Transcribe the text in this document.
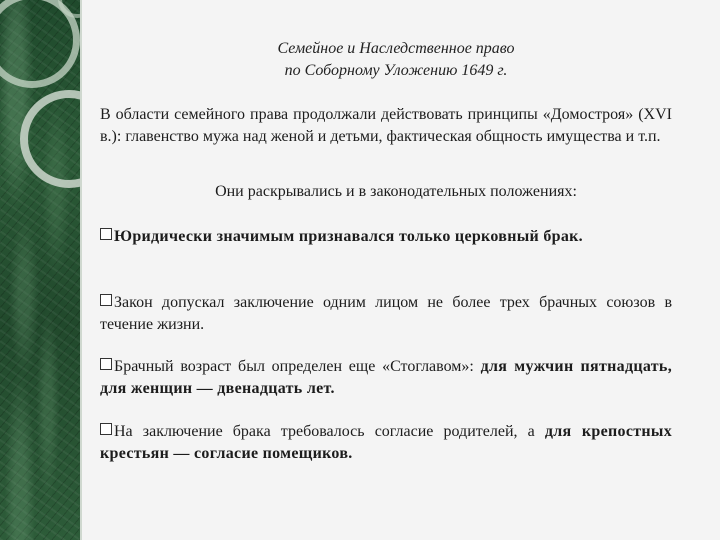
Семейное и Наследственное право
по Соборному Уложению 1649 г.
В области семейного права продолжали действовать принципы «Домостроя» (XVI в.): главенство мужа над женой и детьми, фактическая общность имущества и т.п.
Они раскрывались и в законодательных положениях:
Юридически значимым признавался только церковный брак.
Закон допускал заключение одним лицом не более трех брачных союзов в течение жизни.
Брачный возраст был определен еще «Стоглавом»: для мужчин пятнадцать, для женщин — двенадцать лет.
На заключение брака требовалось согласие родителей, а для крепостных крестьян — согласие помещиков.
